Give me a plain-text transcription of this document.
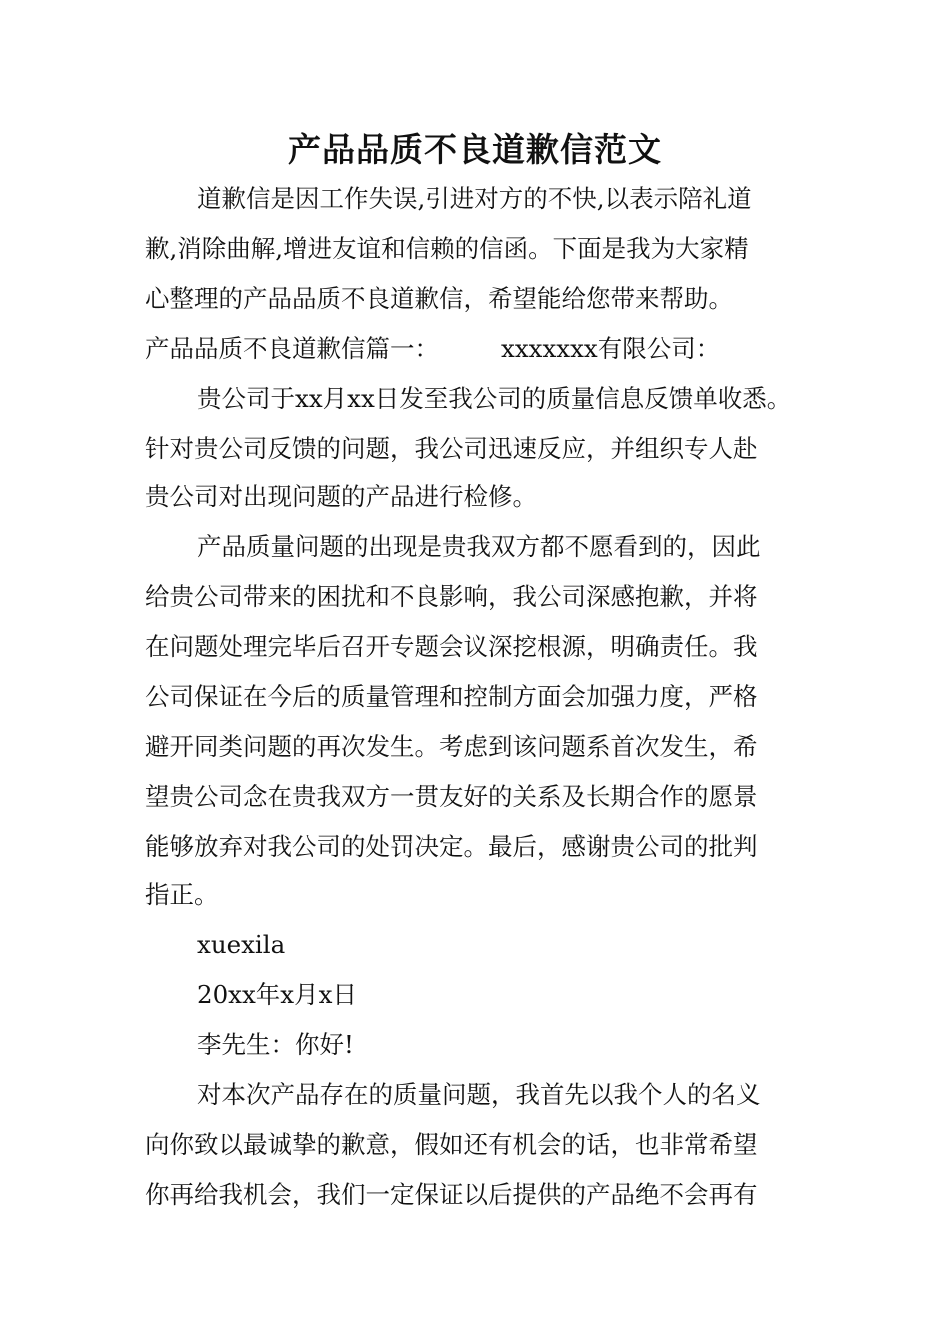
产品品质不良道歉信范文
道歉信是因工作失误,引进对方的不快,以表示陪礼道
歉,消除曲解,增进友谊和信赖的信函。下面是我为大家精
心整理的产品品质不良道歉信，希望能给您带来帮助。
产品品质不良道歉信篇一：	xxxxxxx有限公司：
贵公司于xx月xx日发至我公司的质量信息反馈单收悉。
针对贵公司反馈的问题，我公司迅速反应，并组织专人赴
贵公司对出现问题的产品进行检修。
产品质量问题的出现是贵我双方都不愿看到的，因此
给贵公司带来的困扰和不良影响，我公司深感抱歉，并将
在问题处理完毕后召开专题会议深挖根源，明确责任。我
公司保证在今后的质量管理和控制方面会加强力度，严格
避开同类问题的再次发生。考虑到该问题系首次发生，希
望贵公司念在贵我双方一贯友好的关系及长期合作的愿景
能够放弃对我公司的处罚决定。最后，感谢贵公司的批判
指正。
xuexila
20xx年x月x日
李先生：你好!
对本次产品存在的质量问题，我首先以我个人的名义
向你致以最诚挚的歉意，假如还有机会的话，也非常希望
你再给我机会，我们一定保证以后提供的产品绝不会再有
